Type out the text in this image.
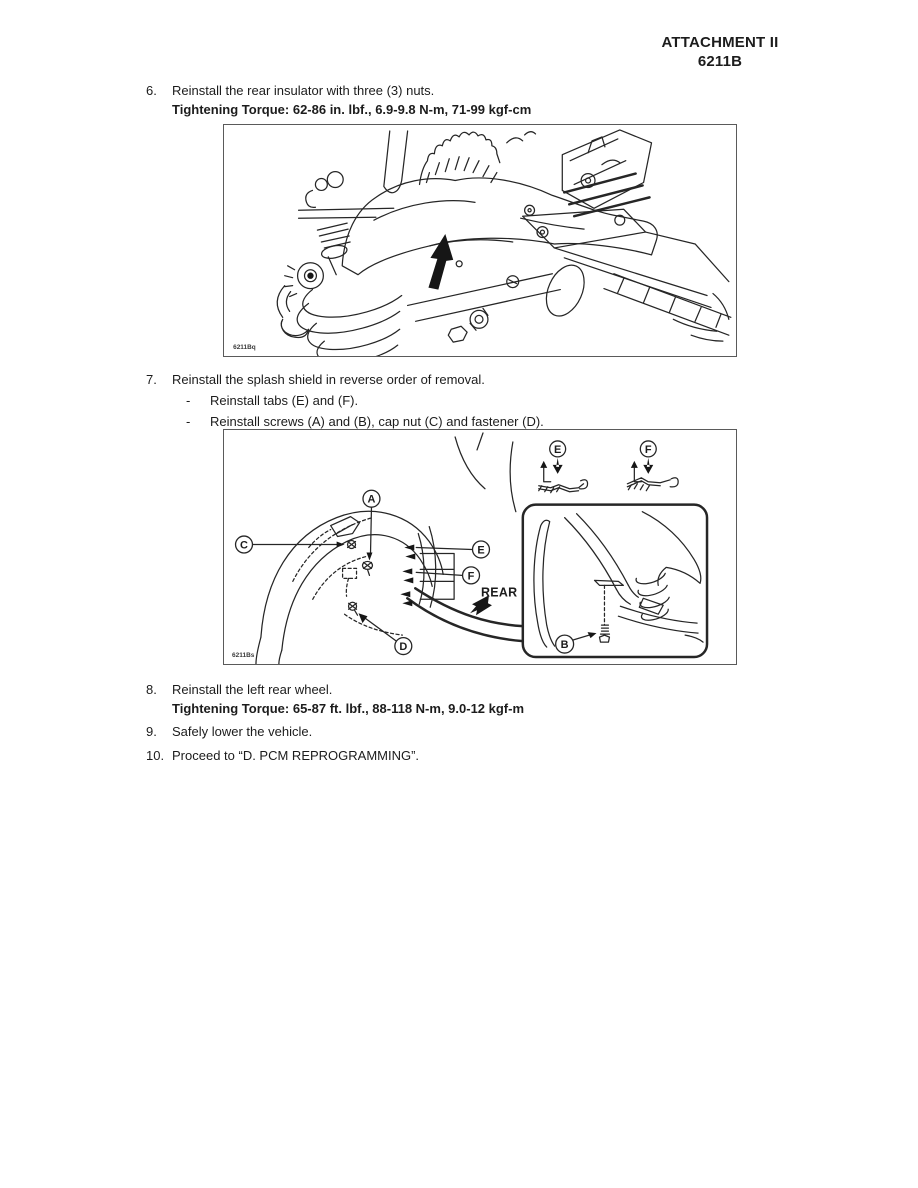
ATTACHMENT II
6211B
6.	Reinstall the rear insulator with three (3) nuts.
Tightening Torque: 62-86 in. lbf., 6.9-9.8 N-m, 71-99 kgf-cm
6211Bq
7.	Reinstall the splash shield in reverse order of removal.
-	Reinstall tabs (E) and (F).
-	Reinstall screws (A) and (B), cap nut (C) and fastener (D).
A
C	E
F
D	B
E	F
REAR
6211Bs
8.	Reinstall the left rear wheel.
Tightening Torque: 65-87 ft. lbf., 88-118 N-m, 9.0-12 kgf-m
9.	Safely lower the vehicle.
10. Proceed to “D. PCM REPROGRAMMING”.
